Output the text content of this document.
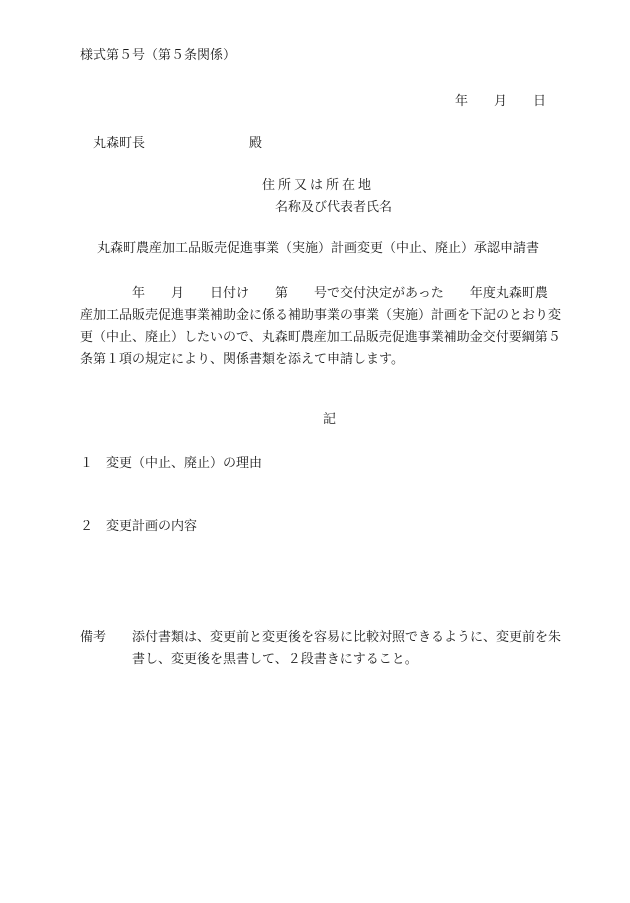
様式第５号（第５条関係）
年　　月　　日
丸森町長　　　　　　　　殿
住所又は所在地
名称及び代表者氏名
丸森町農産加工品販売促進事業（実施）計画変更（中止、廃止）承認申請書
　　　　年　　月　　日付け　　第　　号で交付決定があった　　年度丸森町農
産加工品販売促進事業補助金に係る補助事業の事業（実施）計画を下記のとおり変
更（中止、廃止）したいので、丸森町農産加工品販売促進事業補助金交付要綱第５
条第１項の規定により、関係書類を添えて申請します。
記
１　変更（中止、廃止）の理由
２　変更計画の内容
備考　　添付書類は、変更前と変更後を容易に比較対照できるように、変更前を朱
　　　　書し、変更後を黒書して、２段書きにすること。
